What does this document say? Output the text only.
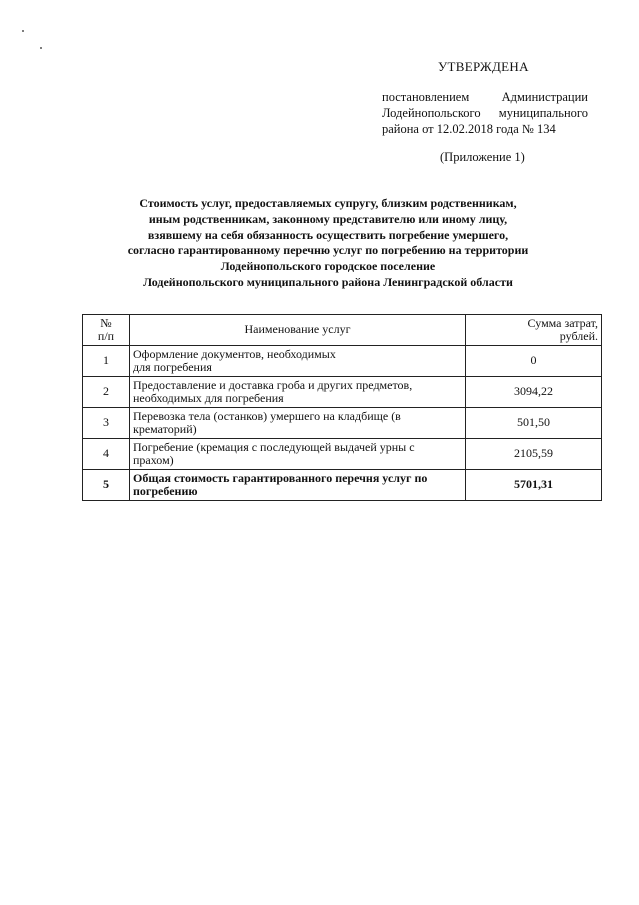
УТВЕРЖДЕНА
постановлением Администрации
Лодейнопольского муниципального
района от 12.02.2018 года № 134
(Приложение 1)
Стоимость услуг, предоставляемых супругу, близким родственникам,
иным родственникам, законному представителю или иному лицу,
взявшему на себя обязанность осуществить погребение умершего,
согласно гарантированному перечню услуг по погребению на территории
Лодейнопольского городское поселение
Лодейнопольского муниципального района Ленинградской области
№
п/п	Наименование услуг	Сумма затрат,
рублей.

1	Оформление документов, необходимых
для погребения	0
2	Предоставление и доставка гроба и других предметов,
необходимых для погребения	3094,22
3	Перевозка тела (останков) умершего на кладбище (в
крематорий)	501,50
4	Погребение (кремация с последующей выдачей урны с
прахом)	2105,59
5	Общая стоимость гарантированного перечня услуг по
погребению	5701,31
